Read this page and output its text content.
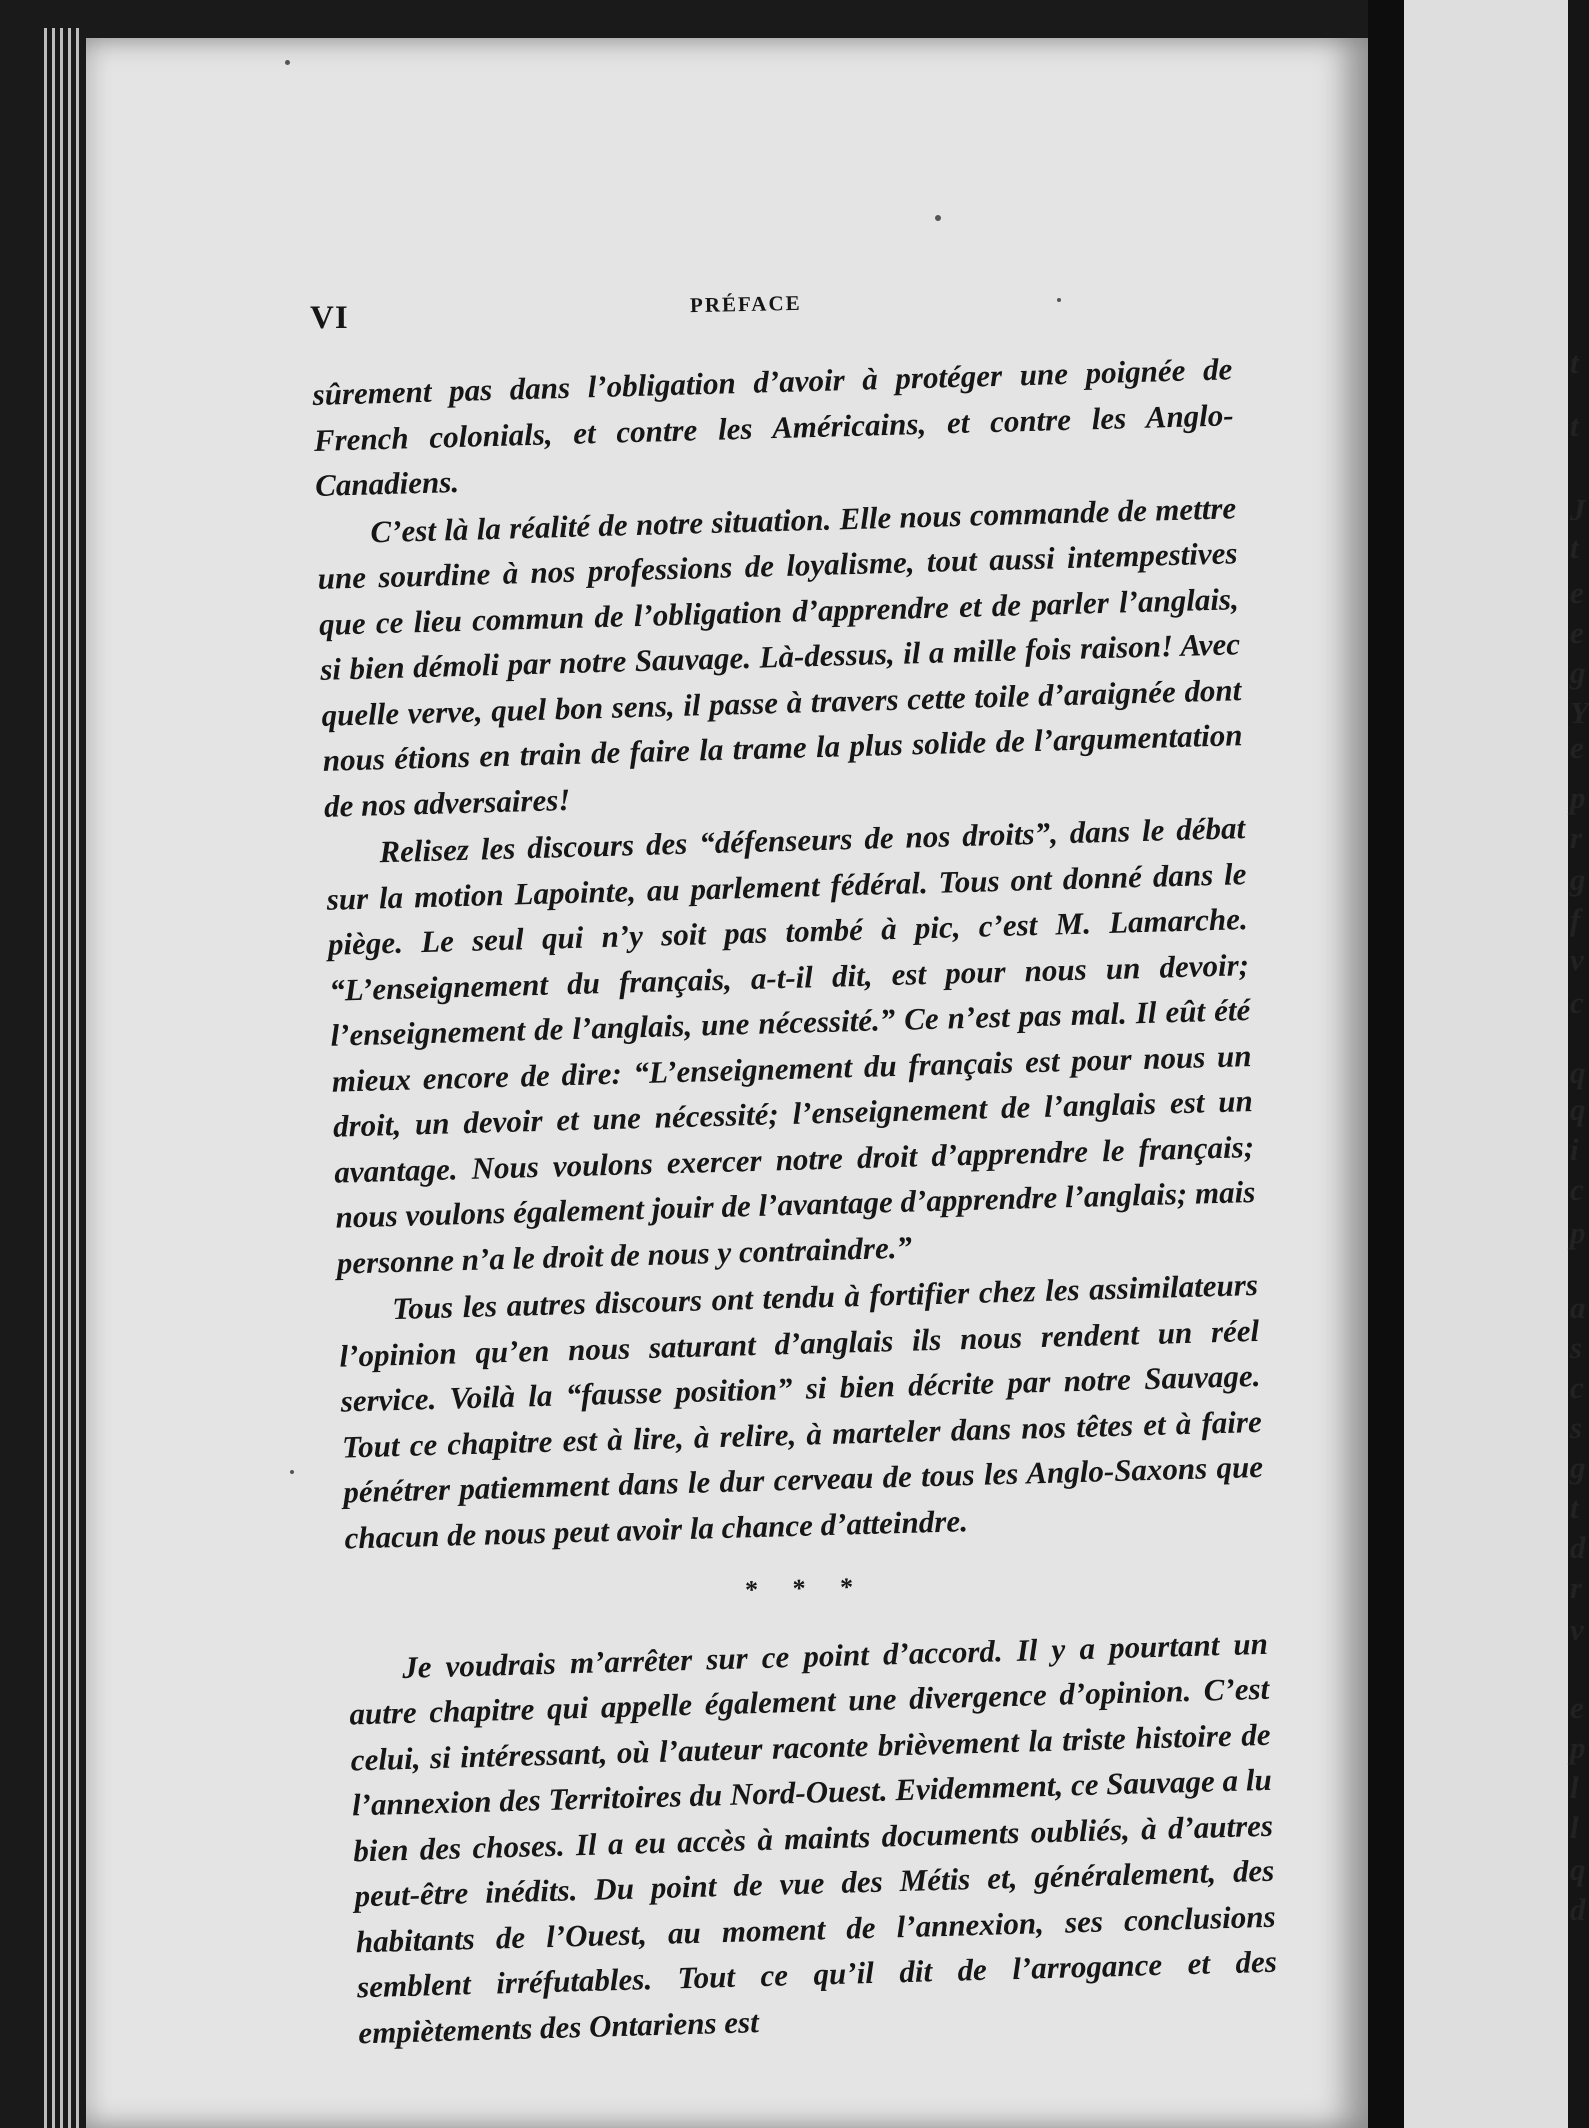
t
t
J
t
e
e
g
Y
e
p
r
g
f
v
c
q
q
i
c
p
a
s
c
s
g
t
d
r
v
e
p
l
l
q
d
VI	PRÉFACE

sûrement pas dans l’obligation d’avoir à protéger une poignée de French colonials, et contre les Américains, et contre les Anglo-Canadiens.

C’est là la réalité de notre situation. Elle nous commande de mettre une sourdine à nos professions de loyalisme, tout aussi intempestives que ce lieu commun de l’obligation d’apprendre et de parler l’anglais, si bien démoli par notre Sauvage. Là-dessus, il a mille fois raison! Avec quelle verve, quel bon sens, il passe à travers cette toile d’araignée dont nous étions en train de faire la trame la plus solide de l’argumentation de nos adversaires!

Relisez les discours des “défenseurs de nos droits”, dans le débat sur la motion Lapointe, au parlement fédéral. Tous ont donné dans le piège. Le seul qui n’y soit pas tombé à pic, c’est M. Lamarche. “L’enseignement du français, a-t-il dit, est pour nous un devoir; l’enseignement de l’anglais, une nécessité.” Ce n’est pas mal. Il eût été mieux encore de dire: “L’enseignement du français est pour nous un droit, un devoir et une nécessité; l’enseignement de l’anglais est un avantage. Nous voulons exercer notre droit d’apprendre le français; nous voulons également jouir de l’avantage d’apprendre l’anglais; mais personne n’a le droit de nous y contraindre.”

Tous les autres discours ont tendu à fortifier chez les assimilateurs l’opinion qu’en nous saturant d’anglais ils nous rendent un réel service. Voilà la “fausse position” si bien décrite par notre Sauvage. Tout ce chapitre est à lire, à relire, à marteler dans nos têtes et à faire pénétrer patiemment dans le dur cerveau de tous les Anglo-Saxons que chacun de nous peut avoir la chance d’atteindre.

* * *

Je voudrais m’arrêter sur ce point d’accord. Il y a pourtant un autre chapitre qui appelle également une divergence d’opinion. C’est celui, si intéressant, où l’auteur raconte brièvement la triste histoire de l’annexion des Territoires du Nord-Ouest. Evidemment, ce Sauvage a lu bien des choses. Il a eu accès à maints documents oubliés, à d’autres peut-être inédits. Du point de vue des Métis et, généralement, des habitants de l’Ouest, au moment de l’annexion, ses conclusions semblent irréfutables. Tout ce qu’il dit de l’arrogance et des empiètements des Ontariens est
